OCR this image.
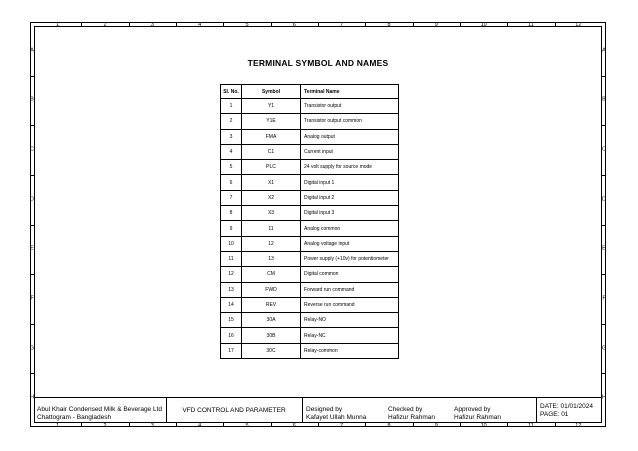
1
1
2
2
3
3
4
4
5
5
6
6
7
7
8
8
9
9
10
10
11
11
12
12
A	A
B	B
C	C
D	D
E	E
F	F
G	G
H	H
TERMINAL SYMBOL AND NAMES
Sl. No.	Symbol	Terminal Name
1	Y1	Transistor output
2	Y1E	Transistor output common
3	FMA	Analog output
4	C1	Current input
5	PLC	24 volt supply for source mode
6	X1	Digital input 1
7	X2	Digital input 2
8	X3	Digital input 3
9	11	Analog common
10	12	Analog voltage input
11	13	Power supply (+10v) for potentiometer
12	CM	Digital common
13	FWD	Forward run command
14	REV	Reverse run command
15	30A	Relay-NO
16	30B	Relay-NC
17	30C	Relay-common
Abul Khair Condensed Milk & Beverage Ltd
Chattogram - Bangladesh
VFD CONTROL AND PARAMETER	Designed by
Kafayet Ullah Munna
Checked by
Hafizur Rahman
Approved by
Hafizur Rahman
DATE: 01/01/2024
PAGE: 01
